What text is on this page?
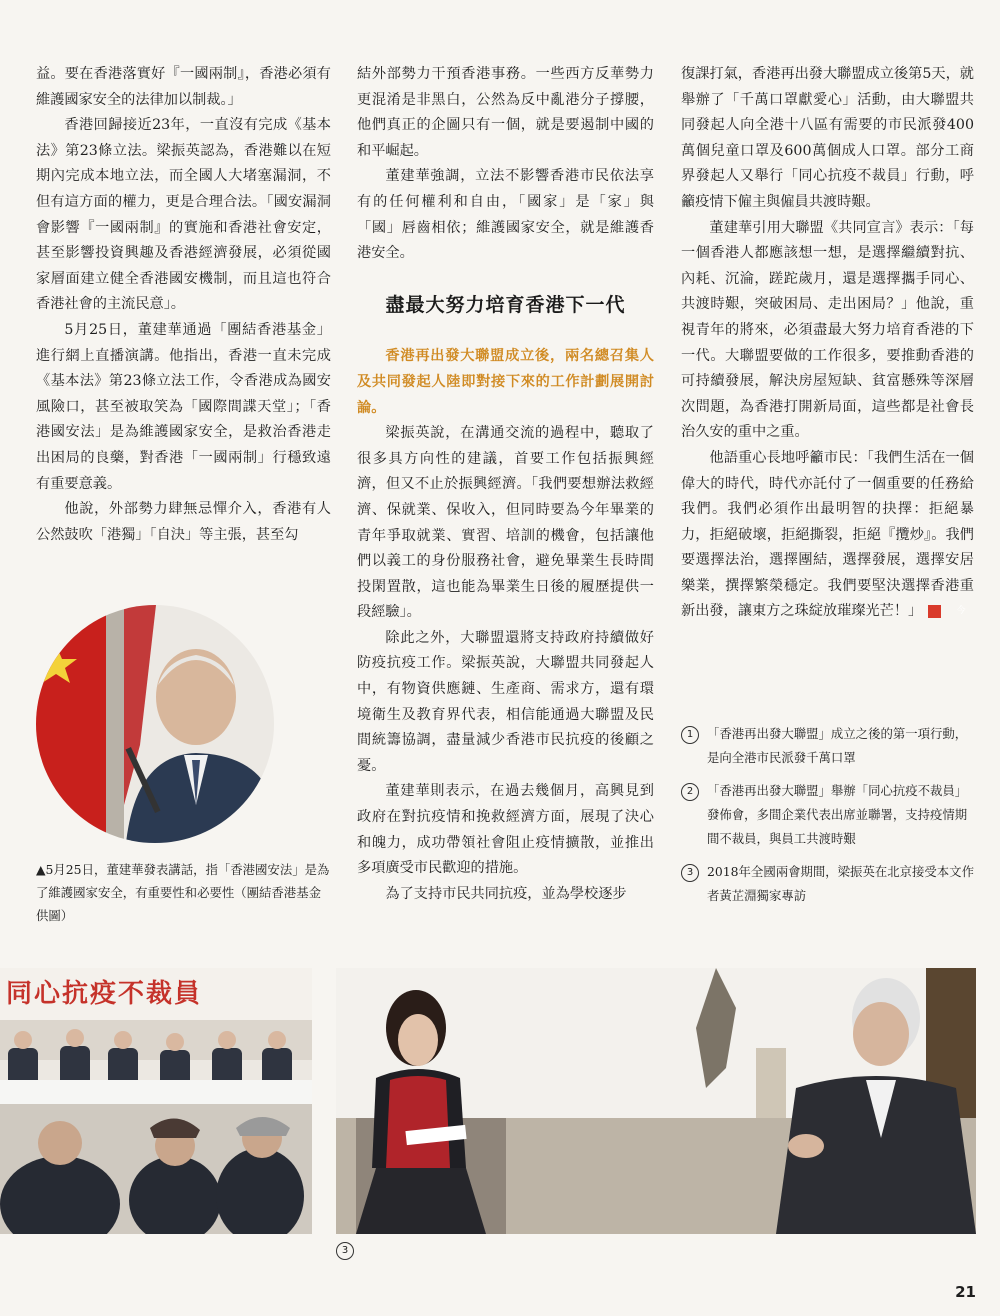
益。要在香港落實好『一國兩制』，香港必須有維護國家安全的法律加以制裁。」

香港回歸接近23年，一直沒有完成《基本法》第23條立法。梁振英認為，香港難以在短期內完成本地立法，而全國人大堵塞漏洞，不但有這方面的權力，更是合理合法。「國安漏洞會影響『一國兩制』的實施和香港社會安定，甚至影響投資興趣及香港經濟發展，必須從國家層面建立健全香港國安機制，而且這也符合香港社會的主流民意」。

5月25日，董建華通過「團結香港基金」進行網上直播演講。他指出，香港一直未完成《基本法》第23條立法工作，令香港成為國安風險口，甚至被取笑為「國際間諜天堂」；「香港國安法」是為維護國家安全，是救治香港走出困局的良藥，對香港「一國兩制」行穩致遠有重要意義。

他說，外部勢力肆無忌憚介入，香港有人公然鼓吹「港獨」「自決」等主張，甚至勾

▲5月25日，董建華發表講話，指「香港國安法」是為了維護國家安全，有重要性和必要性（團結香港基金 供圖）

結外部勢力干預香港事務。一些西方反華勢力更混淆是非黑白，公然為反中亂港分子撐腰，他們真正的企圖只有一個，就是要遏制中國的和平崛起。

董建華強調，立法不影響香港市民依法享有的任何權利和自由，「國家」是「家」與「國」唇齒相依；維護國家安全，就是維護香港安全。

盡最大努力培育香港下一代

香港再出發大聯盟成立後，兩名總召集人及共同發起人陸即對接下來的工作計劃展開討論。

梁振英說，在溝通交流的過程中，聽取了很多具方向性的建議，首要工作包括振興經濟，但又不止於振興經濟。「我們要想辦法救經濟、保就業、保收入，但同時要為今年畢業的青年爭取就業、實習、培訓的機會，包括讓他們以義工的身份服務社會，避免畢業生長時間投閑置散，這也能為畢業生日後的履歷提供一段經驗」。

除此之外，大聯盟還將支持政府持續做好防疫抗疫工作。梁振英說，大聯盟共同發起人中，有物資供應鏈、生產商、需求方，還有環境衛生及教育界代表，相信能通過大聯盟及民間統籌協調，盡量減少香港市民抗疫的後顧之憂。

董建華則表示，在過去幾個月，高興見到政府在對抗疫情和挽救經濟方面，展現了決心和魄力，成功帶領社會阻止疫情擴散，並推出多項廣受市民歡迎的措施。

為了支持市民共同抗疫，並為學校逐步

復課打氣，香港再出發大聯盟成立後第5天，就舉辦了「千萬口罩獻愛心」活動，由大聯盟共同發起人向全港十八區有需要的市民派發400萬個兒童口罩及600萬個成人口罩。部分工商界發起人又舉行「同心抗疫不裁員」行動，呼籲疫情下僱主與僱員共渡時艱。

董建華引用大聯盟《共同宣言》表示：「每一個香港人都應該想一想，是選擇繼續對抗、內耗、沉淪，蹉跎歲月，還是選擇攜手同心、共渡時艱，突破困局、走出困局？」他說，重視青年的將來，必須盡最大努力培育香港的下一代。大聯盟要做的工作很多，要推動香港的可持續發展，解決房屋短缺、貧富懸殊等深層次問題，為香港打開新局面，這些都是社會長治久安的重中之重。

他語重心長地呼籲市民：「我們生活在一個偉大的時代，時代亦託付了一個重要的任務給我們。我們必須作出最明智的抉擇：拒絕暴力，拒絕破壞，拒絕撕裂，拒絕『攬炒』。我們要選擇法治，選擇團結，選擇發展，選擇安居樂業，撰擇繁榮穩定。我們要堅決選擇香港重新出發，讓東方之珠綻放璀璨光芒！」	今

1	「香港再出發大聯盟」成立之後的第一項行動，是向全港市民派發千萬口罩
2	「香港再出發大聯盟」舉辦「同心抗疫不裁員」發佈會，多間企業代表出席並聯署，支持疫情期間不裁員，與員工共渡時艱
3	2018年全國兩會期間，梁振英在北京接受本文作者黃芷淵獨家專訪
同心抗疫不裁員
3
21
